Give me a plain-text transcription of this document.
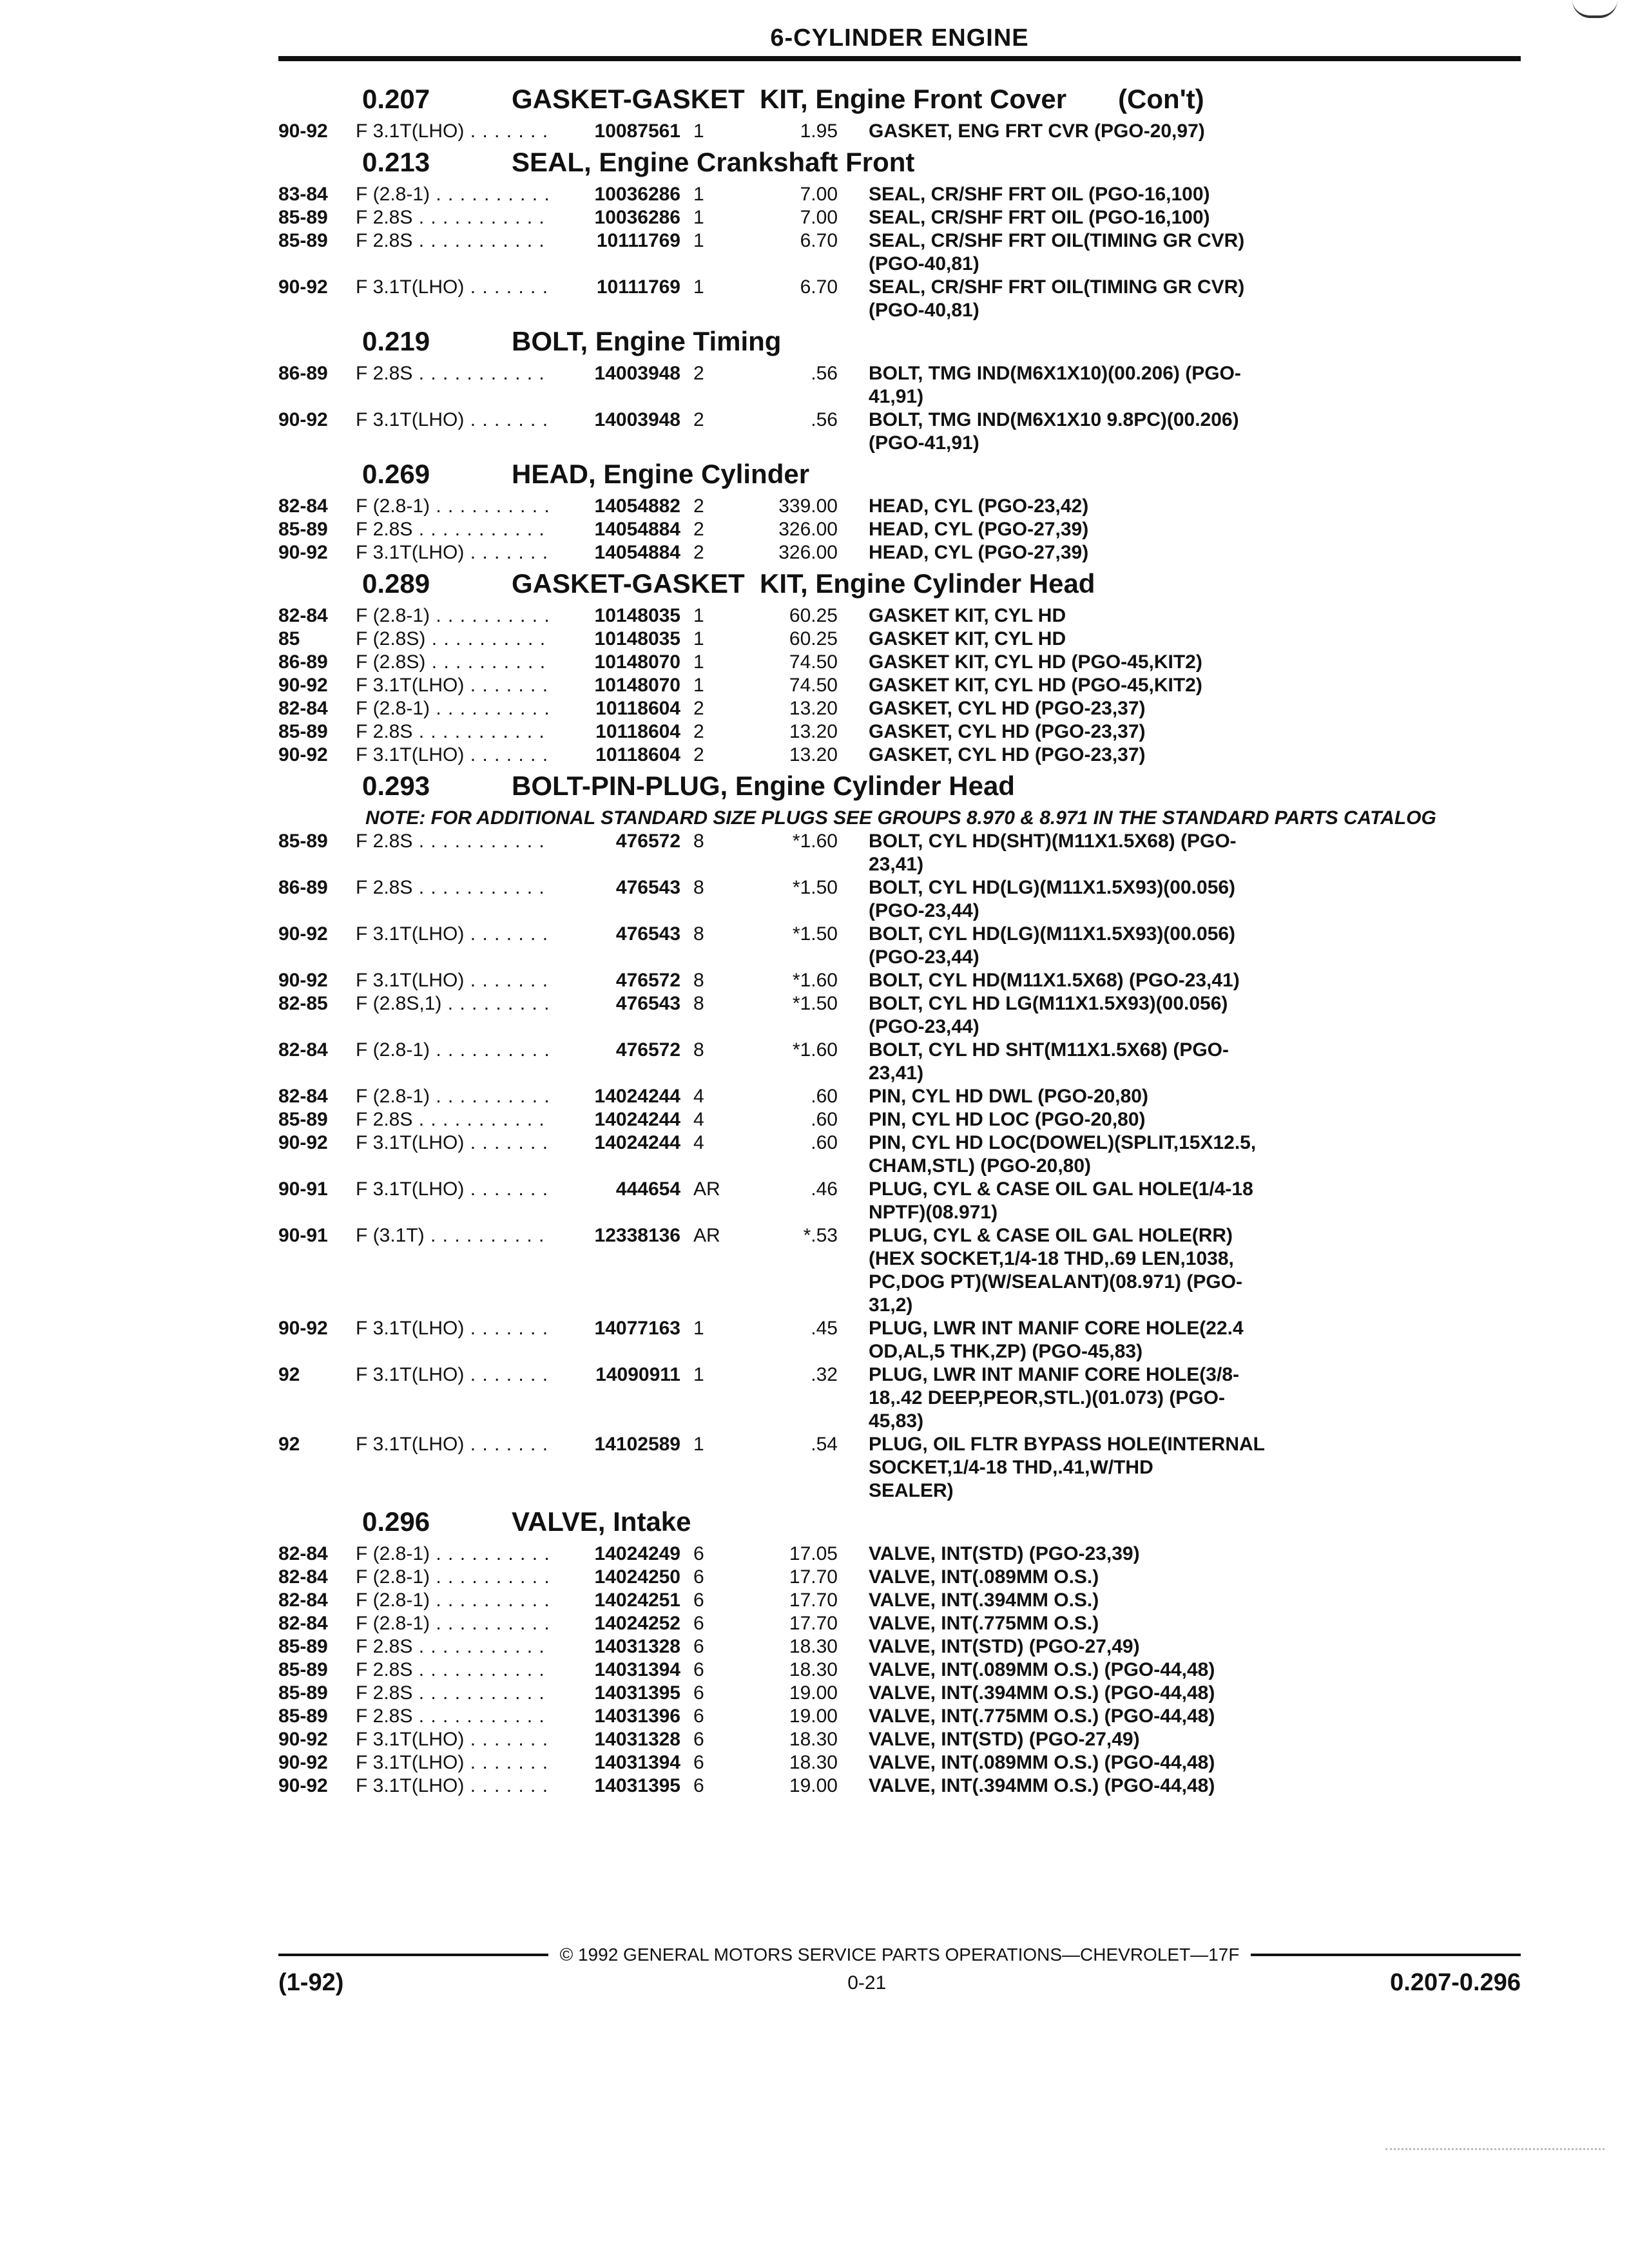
6-CYLINDER ENGINE
0.207	GASKET-GASKET  KIT, Engine Front Cover (Con't)
90-92	F 3.1T(LHO) . . .	10087561 1	1.95	GASKET, ENG FRT CVR (PGO-20,97)
0.213	SEAL, Engine Crankshaft Front
83-84	F (2.8-1) . . .	10036286 1	7.00	SEAL, CR/SHF FRT OIL (PGO-16,100)
85-89	F 2.8S . . .	10036286 1	7.00	SEAL, CR/SHF FRT OIL (PGO-16,100)
85-89	F 2.8S . . .	10111769 1	6.70	SEAL, CR/SHF FRT OIL(TIMING GR CVR)
(PGO-40,81)
90-92	F 3.1T(LHO) . . .	10111769 1	6.70	SEAL, CR/SHF FRT OIL(TIMING GR CVR)
(PGO-40,81)
0.219	BOLT, Engine Timing
86-89	F 2.8S . . .	14003948 2	.56	BOLT, TMG IND(M6X1X10)(00.206) (PGO-
41,91)
90-92	F 3.1T(LHO) . . .	14003948 2	.56	BOLT, TMG IND(M6X1X10 9.8PC)(00.206)
(PGO-41,91)
0.269	HEAD, Engine Cylinder
82-84	F (2.8-1) . . .	14054882 2	339.00	HEAD, CYL (PGO-23,42)
85-89	F 2.8S . . .	14054884 2	326.00	HEAD, CYL (PGO-27,39)
90-92	F 3.1T(LHO) . . .	14054884 2	326.00	HEAD, CYL (PGO-27,39)
0.289	GASKET-GASKET  KIT, Engine Cylinder Head
82-84	F (2.8-1) . . .	10148035 1	60.25	GASKET KIT, CYL HD
85	F (2.8S) . . .	10148035 1	60.25	GASKET KIT, CYL HD
86-89	F (2.8S) . . .	10148070 1	74.50	GASKET KIT, CYL HD (PGO-45,KIT2)
90-92	F 3.1T(LHO) . . .	10148070 1	74.50	GASKET KIT, CYL HD (PGO-45,KIT2)
82-84	F (2.8-1) . . .	10118604 2	13.20	GASKET, CYL HD (PGO-23,37)
85-89	F 2.8S . . .	10118604 2	13.20	GASKET, CYL HD (PGO-23,37)
90-92	F 3.1T(LHO) . . .	10118604 2	13.20	GASKET, CYL HD (PGO-23,37)
0.293	BOLT-PIN-PLUG, Engine Cylinder Head
NOTE: FOR ADDITIONAL STANDARD SIZE PLUGS SEE GROUPS 8.970 & 8.971 IN THE STANDARD PARTS CATALOG
85-89	F 2.8S . . .	476572 8	*1.60	BOLT, CYL HD(SHT)(M11X1.5X68) (PGO-
23,41)
86-89	F 2.8S . . .	476543 8	*1.50	BOLT, CYL HD(LG)(M11X1.5X93)(00.056)
(PGO-23,44)
90-92	F 3.1T(LHO) . . .	476543 8	*1.50	BOLT, CYL HD(LG)(M11X1.5X93)(00.056)
(PGO-23,44)
90-92	F 3.1T(LHO) . . .	476572 8	*1.60	BOLT, CYL HD(M11X1.5X68) (PGO-23,41)
82-85	F (2.8S,1) . . .	476543 8	*1.50	BOLT, CYL HD LG(M11X1.5X93)(00.056)
(PGO-23,44)
82-84	F (2.8-1) . . .	476572 8	*1.60	BOLT, CYL HD SHT(M11X1.5X68) (PGO-
23,41)
82-84	F (2.8-1) . . .	14024244 4	.60	PIN, CYL HD DWL (PGO-20,80)
85-89	F 2.8S . . .	14024244 4	.60	PIN, CYL HD LOC (PGO-20,80)
90-92	F 3.1T(LHO) . . .	14024244 4	.60	PIN, CYL HD LOC(DOWEL)(SPLIT,15X12.5,
CHAM,STL) (PGO-20,80)
90-91	F 3.1T(LHO) . . .	444654 AR	.46	PLUG, CYL & CASE OIL GAL HOLE(1/4-18
NPTF)(08.971)
90-91	F (3.1T) . . .	12338136 AR	*.53	PLUG, CYL & CASE OIL GAL HOLE(RR)
(HEX SOCKET,1/4-18 THD,.69 LEN,1038,
PC,DOG PT)(W/SEALANT)(08.971) (PGO-
31,2)
90-92	F 3.1T(LHO) . . .	14077163 1	.45	PLUG, LWR INT MANIF CORE HOLE(22.4
OD,AL,5 THK,ZP) (PGO-45,83)
92	F 3.1T(LHO) . . .	14090911 1	.32	PLUG, LWR INT MANIF CORE HOLE(3/8-
18,.42 DEEP,PEOR,STL.)(01.073) (PGO-
45,83)
92	F 3.1T(LHO) . . .	14102589 1	.54	PLUG, OIL FLTR BYPASS HOLE(INTERNAL
SOCKET,1/4-18 THD,.41,W/THD
SEALER)
0.296	VALVE, Intake
82-84	F (2.8-1) . . .	14024249 6	17.05	VALVE, INT(STD) (PGO-23,39)
82-84	F (2.8-1) . . .	14024250 6	17.70	VALVE, INT(.089MM O.S.)
82-84	F (2.8-1) . . .	14024251 6	17.70	VALVE, INT(.394MM O.S.)
82-84	F (2.8-1) . . .	14024252 6	17.70	VALVE, INT(.775MM O.S.)
85-89	F 2.8S . . .	14031328 6	18.30	VALVE, INT(STD) (PGO-27,49)
85-89	F 2.8S . . .	14031394 6	18.30	VALVE, INT(.089MM O.S.) (PGO-44,48)
85-89	F 2.8S . . .	14031395 6	19.00	VALVE, INT(.394MM O.S.) (PGO-44,48)
85-89	F 2.8S . . .	14031396 6	19.00	VALVE, INT(.775MM O.S.) (PGO-44,48)
90-92	F 3.1T(LHO) . . .	14031328 6	18.30	VALVE, INT(STD) (PGO-27,49)
90-92	F 3.1T(LHO) . . .	14031394 6	18.30	VALVE, INT(.089MM O.S.) (PGO-44,48)
90-92	F 3.1T(LHO) . . .	14031395 6	19.00	VALVE, INT(.394MM O.S.) (PGO-44,48)
© 1992 GENERAL MOTORS SERVICE PARTS OPERATIONS—CHEVROLET—17F
(1-92)	0-21	0.207-0.296
